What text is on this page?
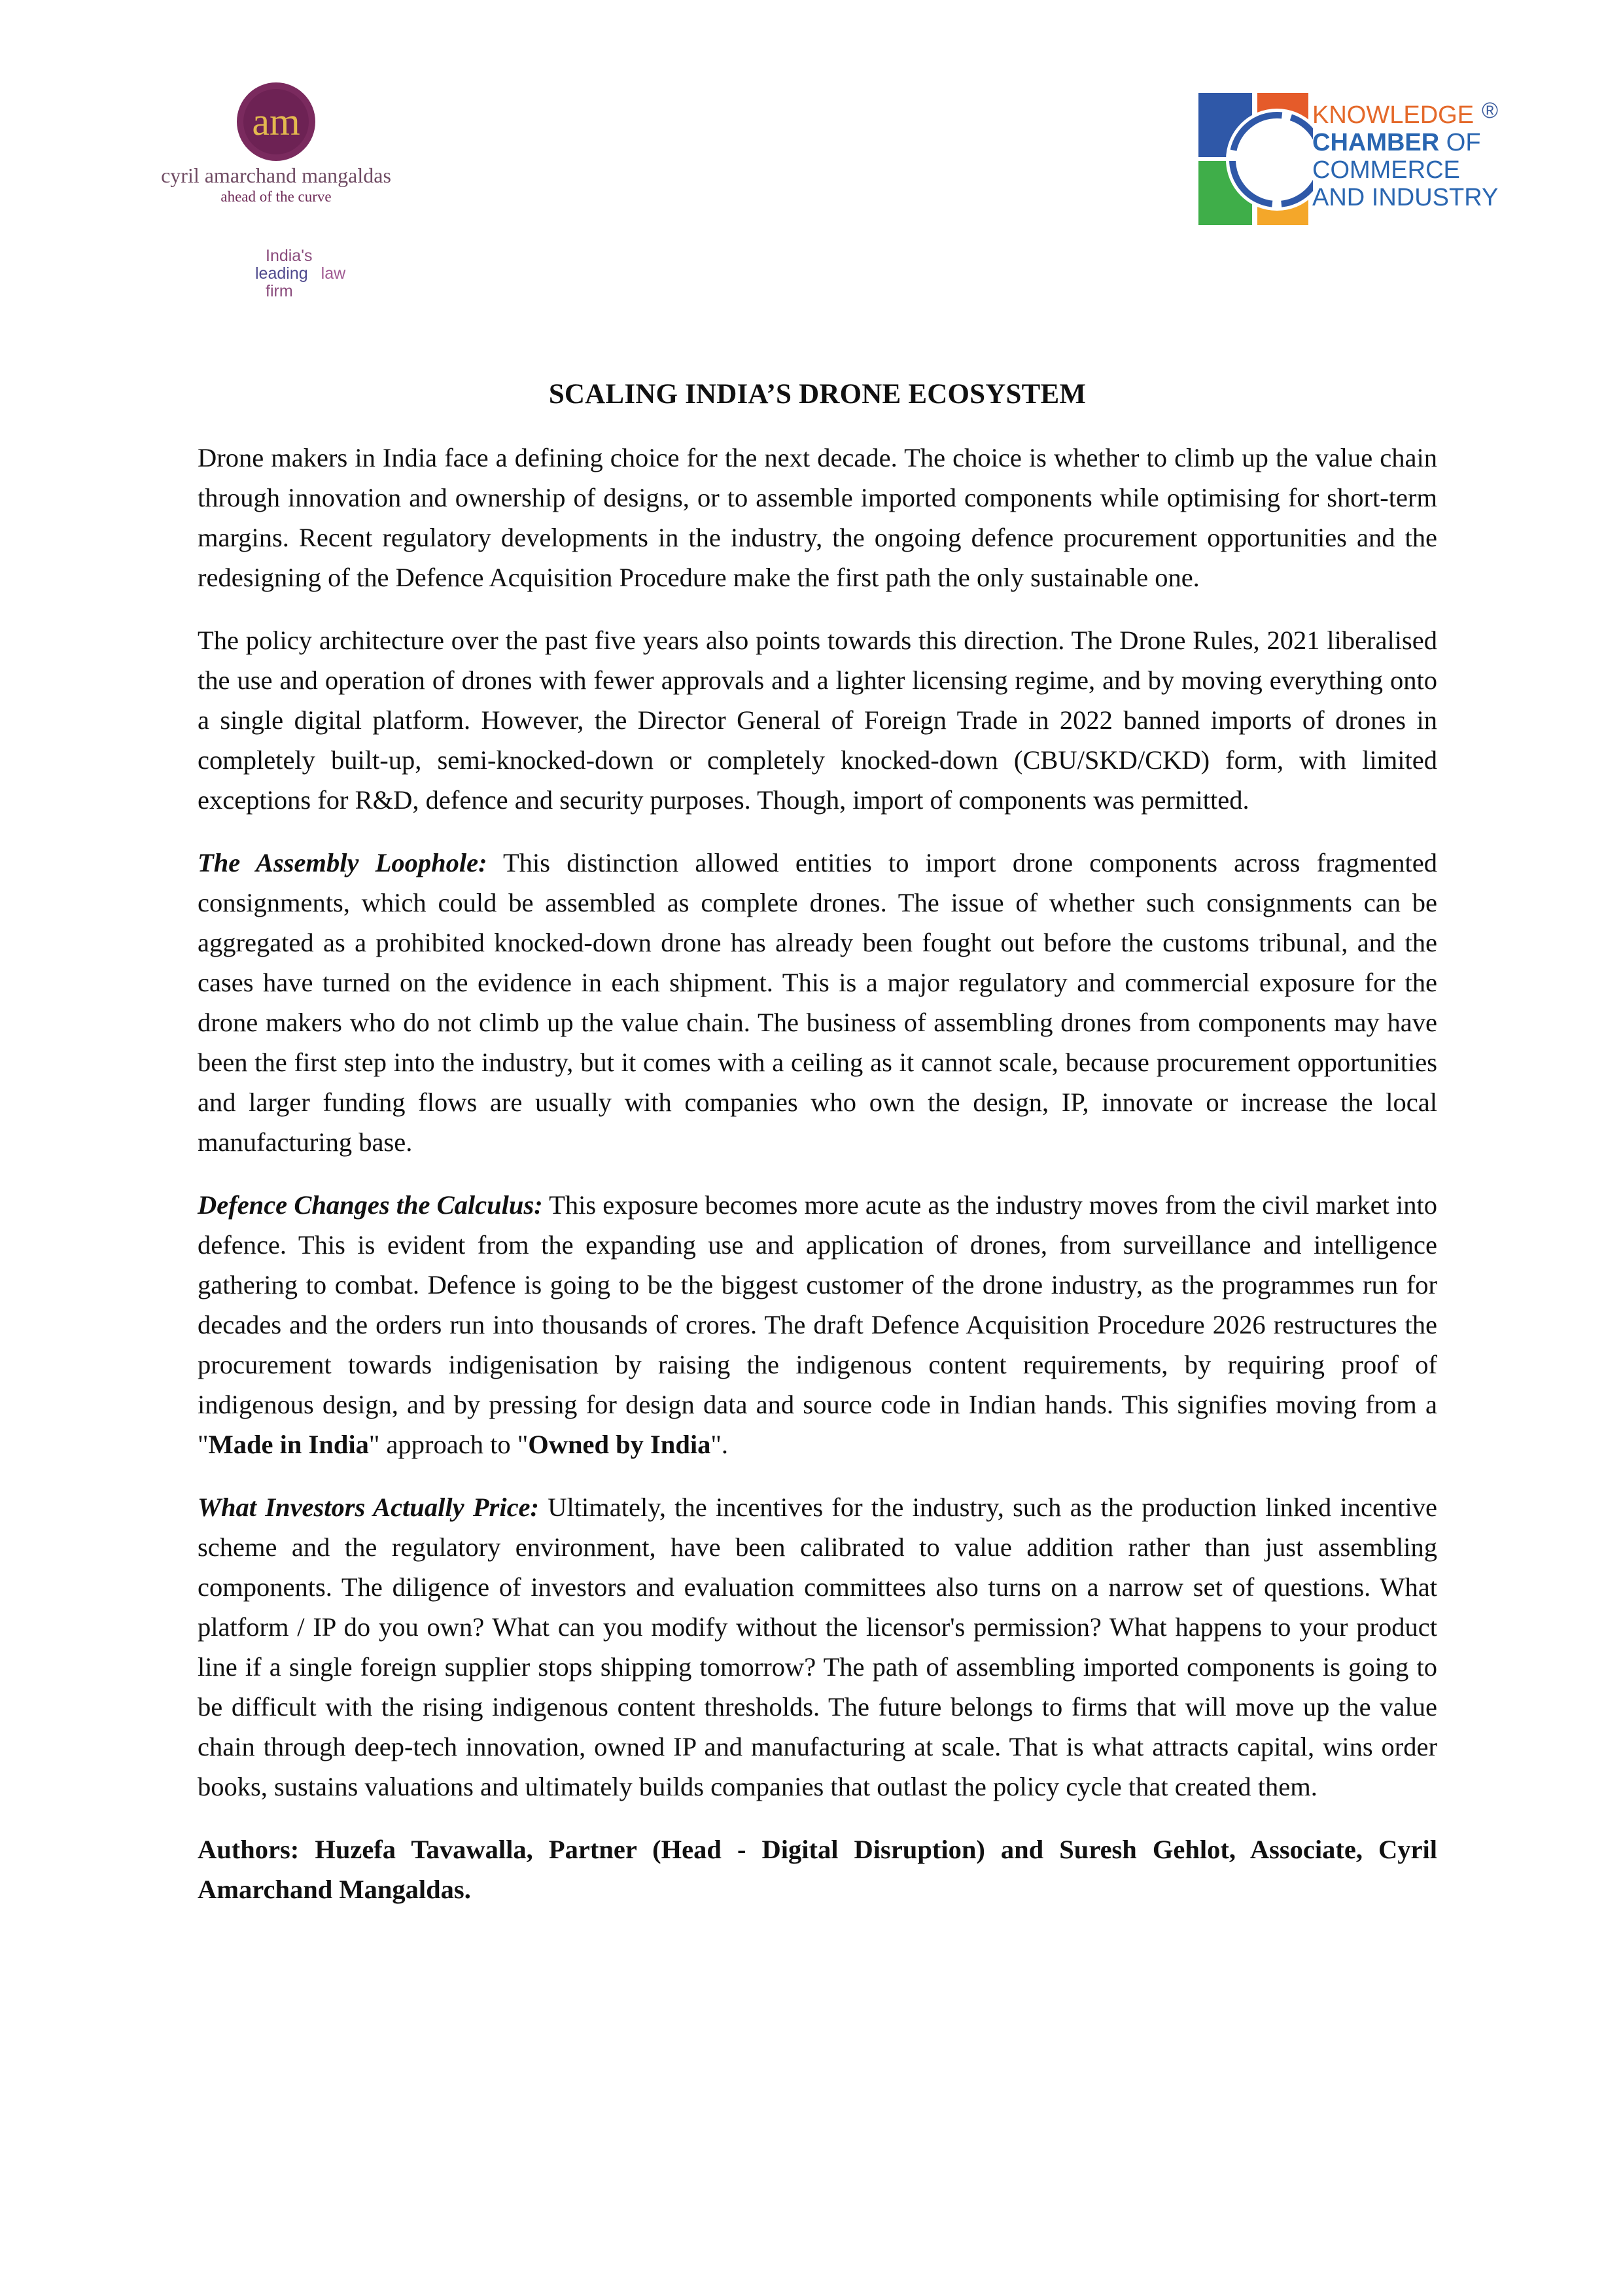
am
cyril amarchand mangaldas
ahead of the curve
India's
leading law
firm
KNOWLEDGE ®
CHAMBER OF
COMMERCE
AND INDUSTRY
SCALING INDIA’S DRONE ECOSYSTEM

Drone makers in India face a defining choice for the next decade. The choice is whether to climb up the value chain through innovation and ownership of designs, or to assemble imported components while optimising for short-term margins. Recent regulatory developments in the industry, the ongoing defence procurement opportunities and the redesigning of the Defence Acquisition Procedure make the first path the only sustainable one.

The policy architecture over the past five years also points towards this direction. The Drone Rules, 2021 liberalised the use and operation of drones with fewer approvals and a lighter licensing regime, and by moving everything onto a single digital platform. However, the Director General of Foreign Trade in 2022 banned imports of drones in completely built-up, semi-knocked-down or completely knocked-down (CBU/SKD/CKD) form, with limited exceptions for R&D, defence and security purposes. Though, import of components was permitted.

The Assembly Loophole: This distinction allowed entities to import drone components across fragmented consignments, which could be assembled as complete drones. The issue of whether such consignments can be aggregated as a prohibited knocked-down drone has already been fought out before the customs tribunal, and the cases have turned on the evidence in each shipment. This is a major regulatory and commercial exposure for the drone makers who do not climb up the value chain. The business of assembling drones from components may have been the first step into the industry, but it comes with a ceiling as it cannot scale, because procurement opportunities and larger funding flows are usually with companies who own the design, IP, innovate or increase the local manufacturing base.

Defence Changes the Calculus: This exposure becomes more acute as the industry moves from the civil market into defence. This is evident from the expanding use and application of drones, from surveillance and intelligence gathering to combat. Defence is going to be the biggest customer of the drone industry, as the programmes run for decades and the orders run into thousands of crores. The draft Defence Acquisition Procedure 2026 restructures the procurement towards indigenisation by raising the indigenous content requirements, by requiring proof of indigenous design, and by pressing for design data and source code in Indian hands. This signifies moving from a "Made in India" approach to "Owned by India".

What Investors Actually Price: Ultimately, the incentives for the industry, such as the production linked incentive scheme and the regulatory environment, have been calibrated to value addition rather than just assembling components. The diligence of investors and evaluation committees also turns on a narrow set of questions. What platform / IP do you own? What can you modify without the licensor's permission? What happens to your product line if a single foreign supplier stops shipping tomorrow? The path of assembling imported components is going to be difficult with the rising indigenous content thresholds. The future belongs to firms that will move up the value chain through deep-tech innovation, owned IP and manufacturing at scale. That is what attracts capital, wins order books, sustains valuations and ultimately builds companies that outlast the policy cycle that created them.

Authors: Huzefa Tavawalla, Partner (Head - Digital Disruption) and Suresh Gehlot, Associate, Cyril Amarchand Mangaldas.
